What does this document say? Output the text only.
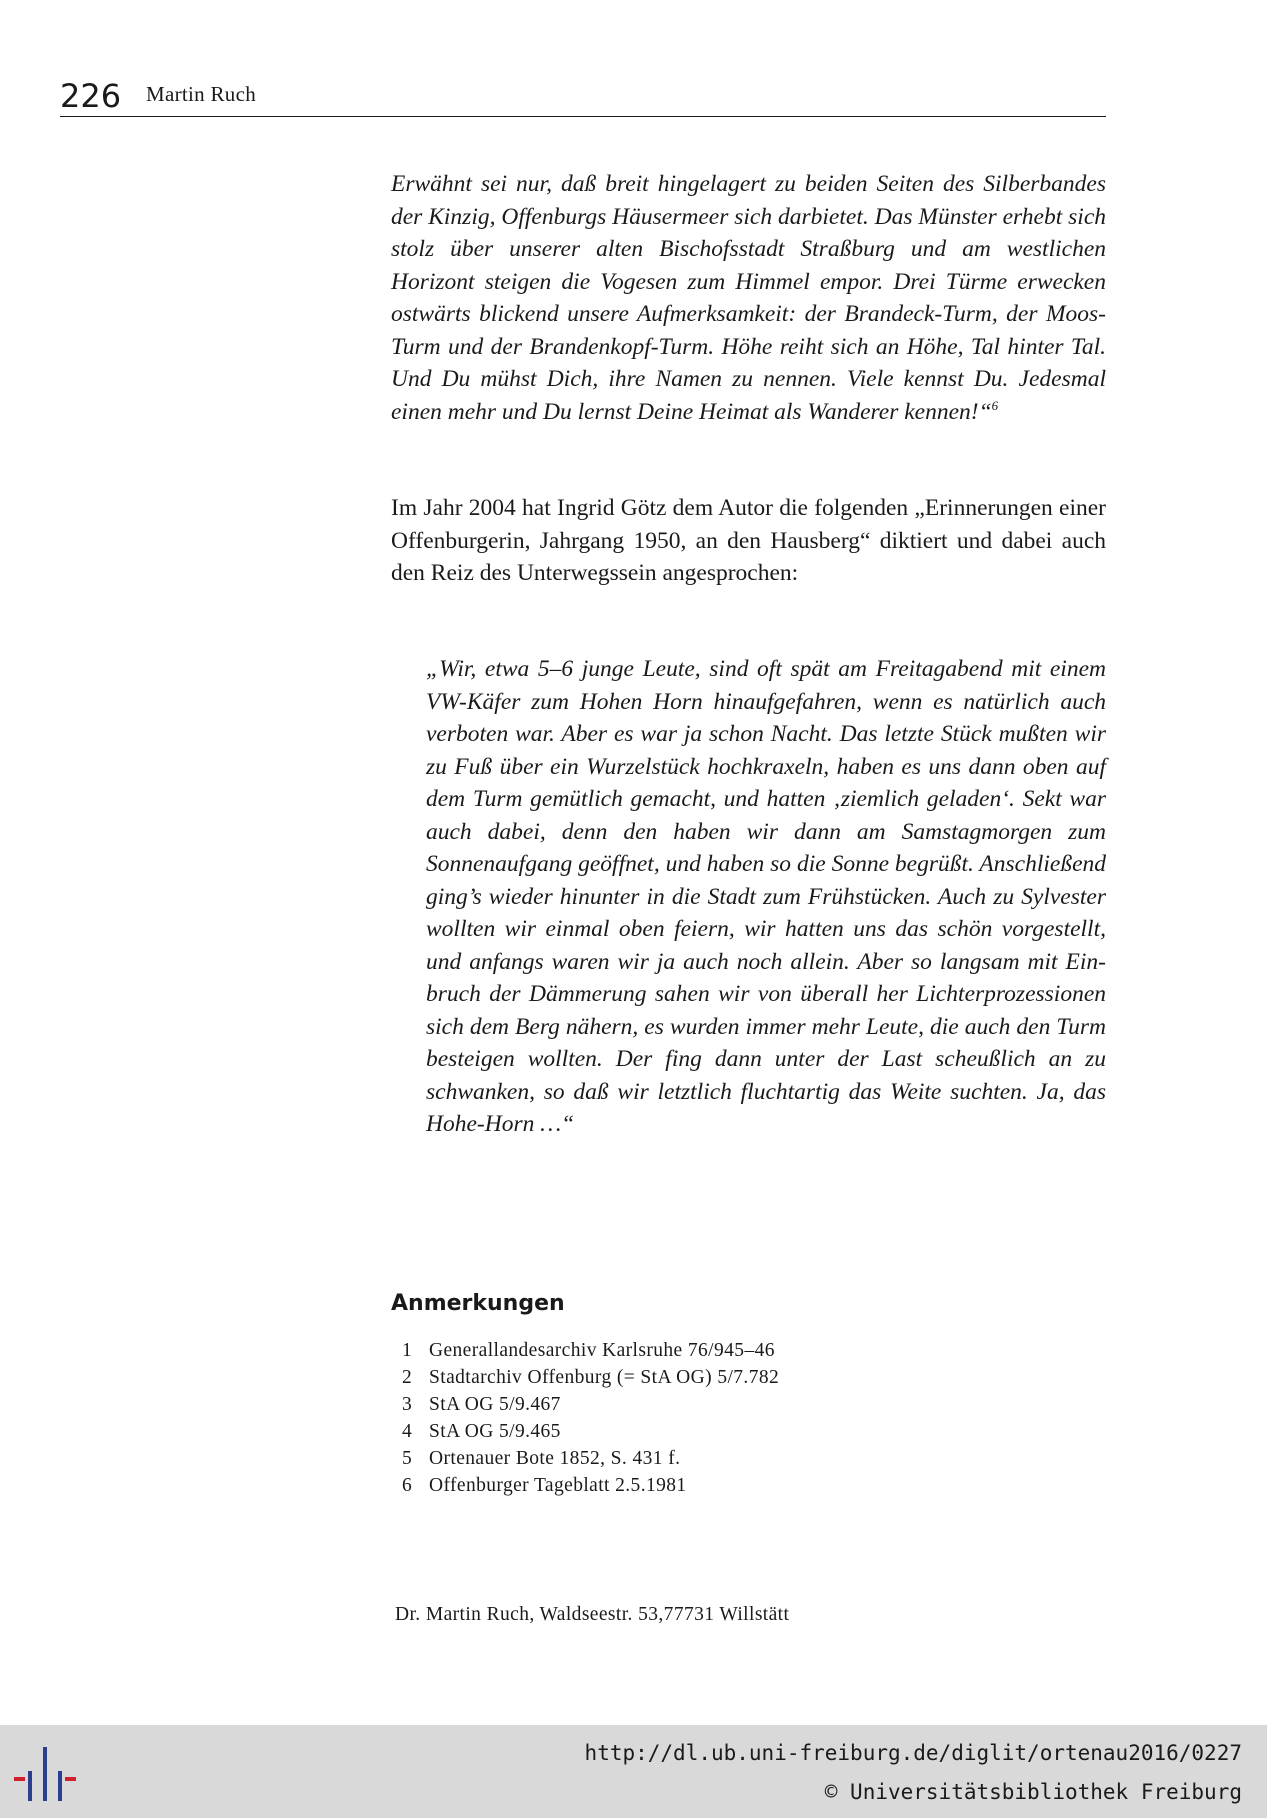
226 Martin Ruch

Erwähnt sei nur, daß breit hingelagert zu beiden Seiten des Silberbandes der Kinzig, Offenburgs Häusermeer sich darbietet. Das Münster erhebt sich stolz über unserer alten Bischofsstadt Straßburg und am westlichen Horizont steigen die Vogesen zum Himmel empor. Drei Türme erwecken ostwärts blickend unsere Aufmerksamkeit: der Brandeck-Turm, der Moos-Turm und der Brandenkopf-Turm. Höhe reiht sich an Höhe, Tal hinter Tal. Und Du mühst Dich, ihre Namen zu nennen. Viele kennst Du. Jedesmal einen mehr und Du lernst Deine Heimat als Wanderer kennen!“$^6$

Im Jahr 2004 hat Ingrid Götz dem Autor die folgenden „Erinnerungen einer Offenburgerin, Jahrgang 1950, an den Hausberg“ diktiert und dabei auch den Reiz des Unterwegssein angesprochen:

„Wir, etwa 5–6 junge Leute, sind oft spät am Freitagabend mit einem VW-Käfer zum Hohen Horn hinaufgefahren, wenn es natürlich auch verboten war. Aber es war ja schon Nacht. Das letzte Stück mußten wir zu Fuß über ein Wurzelstück hochkraxeln, haben es uns dann oben auf dem Turm gemütlich gemacht, und hatten ‚ziemlich geladen‘. Sekt war auch dabei, denn den haben wir dann am Samstagmorgen zum Sonnenaufgang geöffnet, und haben so die Sonne begrüßt. Anschließend ging’s wieder hinunter in die Stadt zum Frühstücken. Auch zu Sylvester wollten wir einmal oben feiern, wir hatten uns das schön vorgestellt, und anfangs waren wir ja auch noch allein. Aber so langsam mit Einbruch der Dämmerung sahen wir von überall her Lichterprozessionen sich dem Berg nähern, es wurden immer mehr Leute, die auch den Turm besteigen wollten. Der fing dann unter der Last scheußlich an zu schwanken, so daß wir letztlich fluchtartig das Weite suchten. Ja, das Hohe-Horn …“

Anmerkungen
1 Generallandesarchiv Karlsruhe 76/945–46
2 Stadtarchiv Offenburg (= StA OG) 5/7.782
3 StA OG 5/9.467
4 StA OG 5/9.465
5 Ortenauer Bote 1852, S. 431 f.
6 Offenburger Tageblatt 2.5.1981
Dr. Martin Ruch, Waldseestr. 53,77731 Willstätt
http://dl.ub.uni-freiburg.de/diglit/ortenau2016/0227
© Universitätsbibliothek Freiburg
